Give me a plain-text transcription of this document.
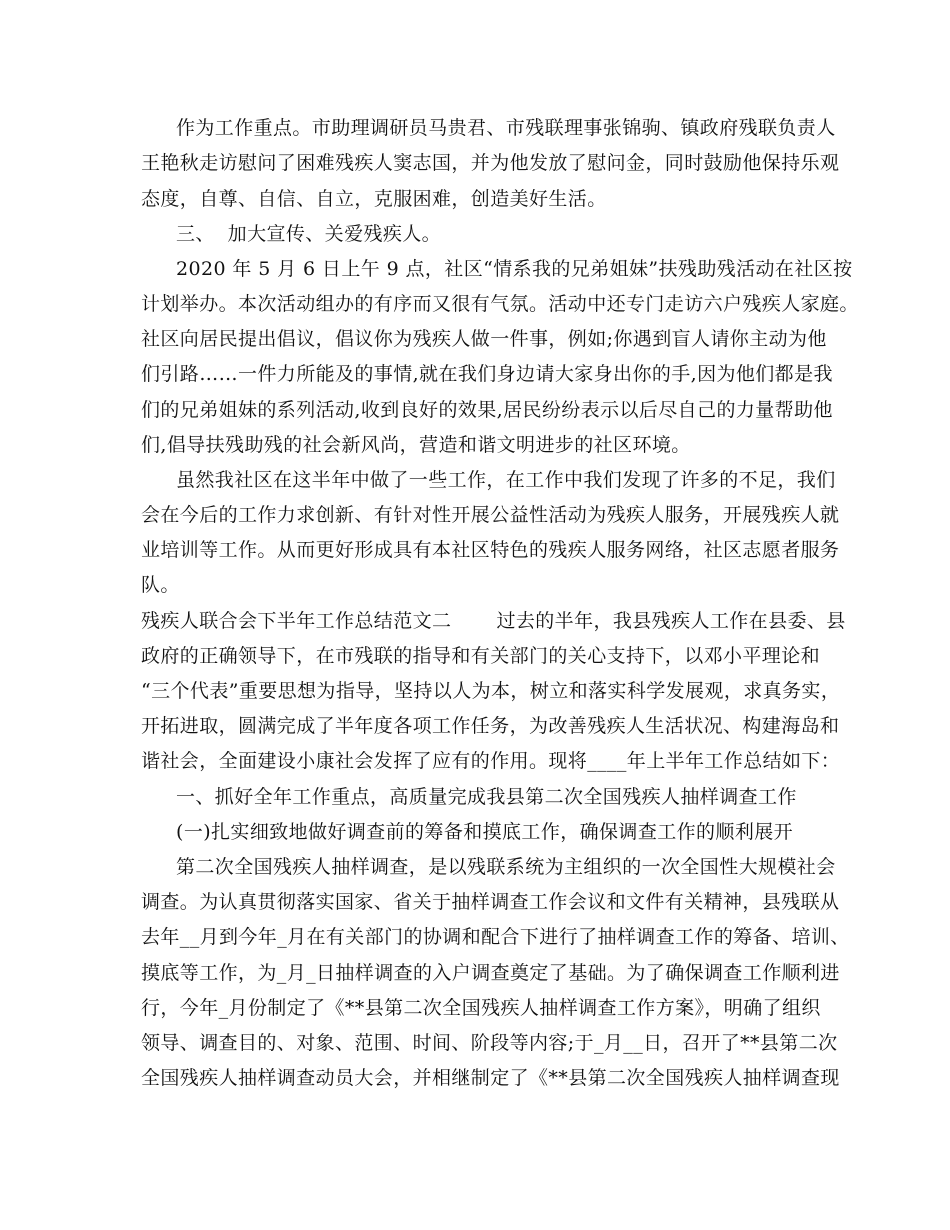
作为工作重点。市助理调研员马贵君、市残联理事张锦驹、镇政府残联负责人
王艳秋走访慰问了困难残疾人窦志国，并为他发放了慰问金，同时鼓励他保持乐观
态度，自尊、自信、自立，克服困难，创造美好生活。
三、  加大宣传、关爱残疾人。
2020 年 5 月 6 日上午 9 点，社区“情系我的兄弟姐妹”扶残助残活动在社区按
计划举办。本次活动组办的有序而又很有气氛。活动中还专门走访六户残疾人家庭。
社区向居民提出倡议，倡议你为残疾人做一件事，例如;你遇到盲人请你主动为他
们引路……一件力所能及的事情,就在我们身边请大家身出你的手,因为他们都是我
们的兄弟姐妹的系列活动,收到良好的效果,居民纷纷表示以后尽自己的力量帮助他
们,倡导扶残助残的社会新风尚，营造和谐文明进步的社区环境。
虽然我社区在这半年中做了一些工作，在工作中我们发现了许多的不足，我们
会在今后的工作力求创新、有针对性开展公益性活动为残疾人服务，开展残疾人就
业培训等工作。从而更好形成具有本社区特色的残疾人服务网络，社区志愿者服务
队。
残疾人联合会下半年工作总结范文二       过去的半年，我县残疾人工作在县委、县
政府的正确领导下，在市残联的指导和有关部门的关心支持下，以邓小平理论和
“三个代表”重要思想为指导，坚持以人为本，树立和落实科学发展观，求真务实，
开拓进取，圆满完成了半年度各项工作任务，为改善残疾人生活状况、构建海岛和
谐社会，全面建设小康社会发挥了应有的作用。现将____年上半年工作总结如下：
一、抓好全年工作重点，高质量完成我县第二次全国残疾人抽样调查工作
(一)扎实细致地做好调查前的筹备和摸底工作，确保调查工作的顺利展开
第二次全国残疾人抽样调查，是以残联系统为主组织的一次全国性大规模社会
调查。为认真贯彻落实国家、省关于抽样调查工作会议和文件有关精神，县残联从
去年__月到今年_月在有关部门的协调和配合下进行了抽样调查工作的筹备、培训、
摸底等工作，为_月_日抽样调查的入户调查奠定了基础。为了确保调查工作顺利进
行，今年_月份制定了《**县第二次全国残疾人抽样调查工作方案》，明确了组织
领导、调查目的、对象、范围、时间、阶段等内容;于_月__日，召开了**县第二次
全国残疾人抽样调查动员大会，并相继制定了《**县第二次全国残疾人抽样调查现
